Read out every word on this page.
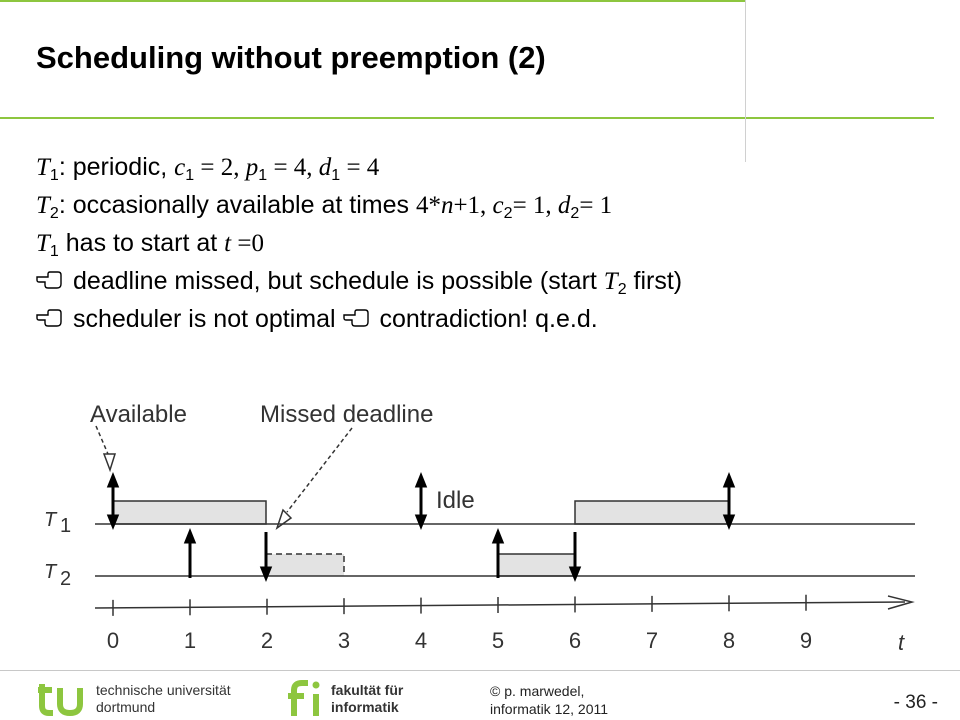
Scheduling without preemption (2)
$T_1$: periodic, $c_1 = 2$, $p_1 = 4$, $d_1 = 4$
$T_2$: occasionally available at times 4*n+1, $c_2= 1$, $d_2= 1$
$T_1$ has to start at t =0
deadline missed, but schedule is possible (start $T_2$ first)
scheduler is not optimal  contradiction! q.e.d.
Available	Missed deadline
Idle
T 1
T 2
0	1	2	3	4	5	6	7	8	9	t
technische universität
dortmund
fakultät für
informatik
© p. marwedel,
informatik 12, 2011	- 36 -
